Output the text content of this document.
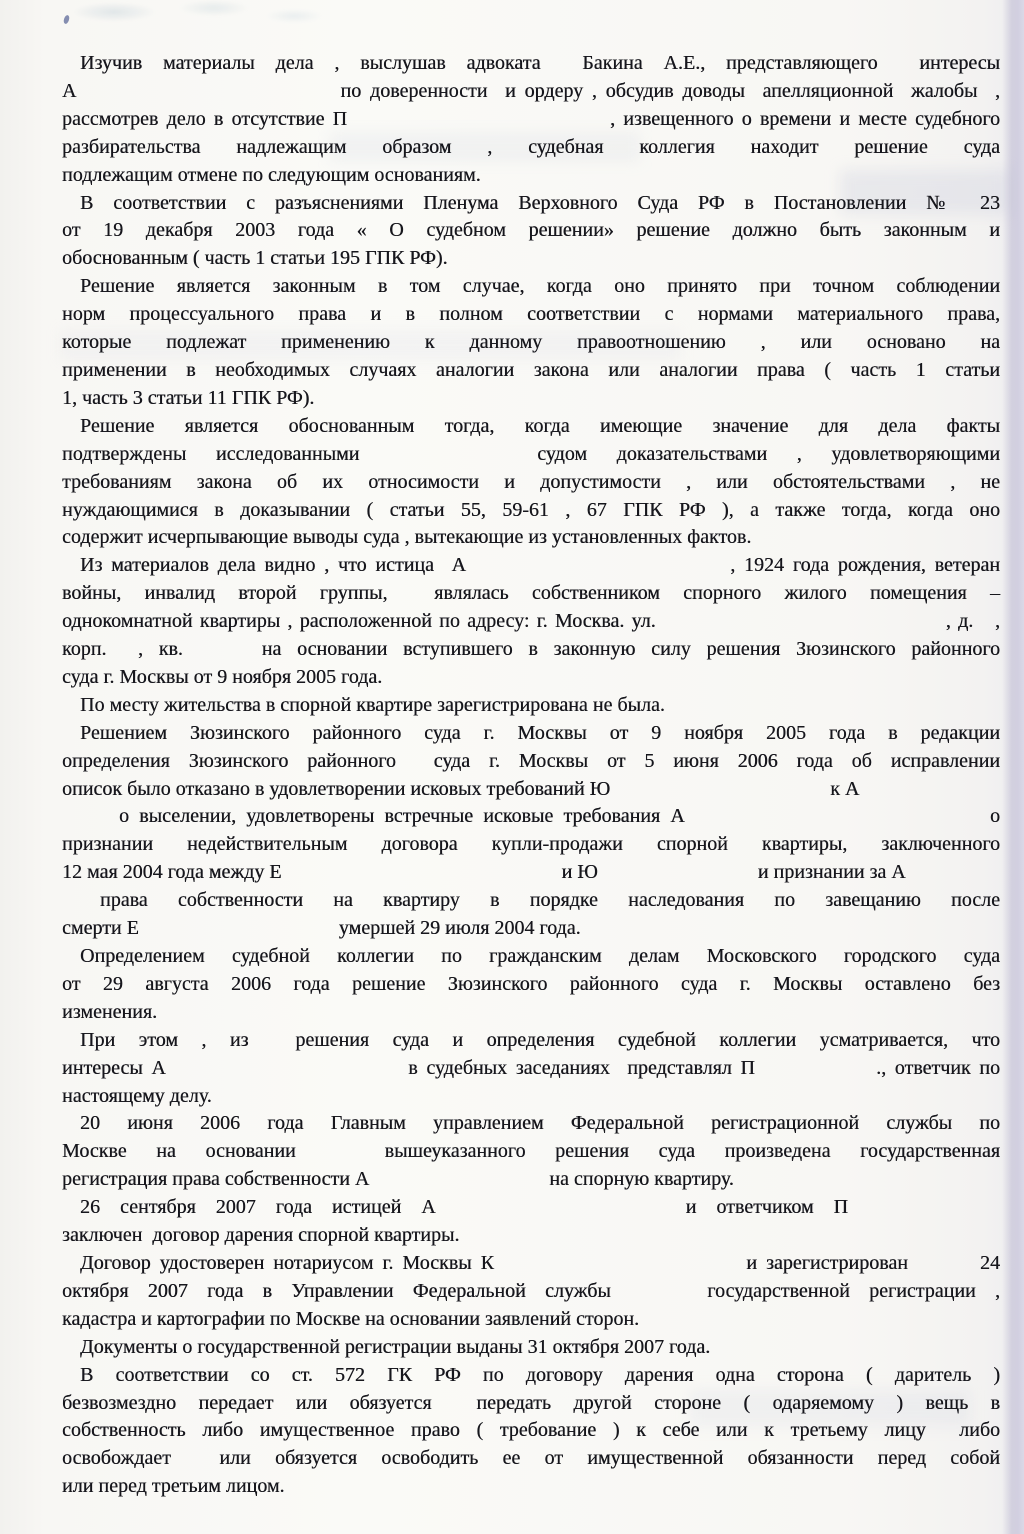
Изучив материалы дела , выслушав адвоката  Бакина А.Е., представляющего  интересы
А                              по доверенности  и ордеру , обсудив доводы  апелляционной  жалобы  ,
рассмотрев дело в отсутствие П                                , извещенного о времени и месте судебного
разбирательства надлежащим образом , судебная коллегия находит решение суда
подлежащим отмене по следующим основаниям.
В соответствии с разъяснениями Пленума Верховного Суда РФ в Постановлении № 23
от 19 декабря 2003 года « О судебном решении» решение должно быть законным и
обоснованным ( часть 1 статьи 195 ГПК РФ).
Решение является законным в том случае, когда оно принято при точном соблюдении
норм процессуального права и в полном соответствии с нормами материального права,
которые подлежат применению к данному правоотношению , или основано на
применении в необходимых случаях аналогии закона или аналогии права ( часть 1 статьи
1, часть 3 статьи 11 ГПК РФ).
Решение является обоснованным тогда, когда имеющие значение для дела факты
подтверждены исследованными      судом доказательствами , удовлетворяющими
требованиям закона об их относимости и допустимости , или обстоятельствами , не
нуждающимися в доказывании ( статьи 55, 59-61 , 67 ГПК РФ ), а также тогда, когда оно
содержит исчерпывающие выводы суда , вытекающие из установленных фактов.
Из материалов дела видно , что истица  А                              , 1924 года рождения, ветеран
войны, инвалид второй группы,  являлась собственником спорного жилого помещения –
однокомнатной квартиры , расположенной по адресу: г. Москва. ул.                                        , д.   ,
корп.  , кв.     на основании вступившего в законную силу решения Зюзинского районного
суда г. Москвы от 9 ноября 2005 года.
По месту жительства в спорной квартире зарегистрирована не была.
Решением Зюзинского районного суда г. Москвы от 9 ноября 2005 года в редакции
определения Зюзинского районного  суда г. Москвы от 5 июня 2006 года об исправлении
описок было отказано в удовлетворении исковых требований Ю                                            к А
о выселении, удовлетворены встречные исковые требования А                              о
признании недействительным договора купли-продажи спорной квартиры, заключенного
12 мая 2004 года между Е                                                        и Ю                                и признании за А
права собственности на квартиру в порядке наследования по завещанию после
смерти Е                                        умершей 29 июля 2004 года.
Определением судебной коллегии по гражданским делам Московского городского суда
от 29 августа 2006 года решение Зюзинского районного суда г. Москвы оставлено без
изменения.
При этом , из  решения суда и определения судебной коллегии усматривается, что
интересы А                            в судебных заседаниях  представлял П              ., ответчик по
настоящему делу.
20 июня 2006 года Главным управлением Федеральной регистрационной службы по
Москве на основании   вышеуказанного решения суда произведена государственная
регистрация права собственности А                                    на спорную квартиру.
26    сентября    2007    года    истицей    А                                                  и    ответчиком    П
заключен  договор дарения спорной квартиры.
Договор удостоверен нотариусом г. Москвы К                            и зарегистрирован        24
октября 2007 года в Управлении Федеральной службы     государственной регистрации ,
кадастра и картографии по Москве на основании заявлений сторон.
Документы о государственной регистрации выданы 31 октября 2007 года.
В соответствии со ст. 572 ГК РФ по договору дарения одна сторона ( даритель )
безвозмездно передает или обязуется  передать другой стороне ( одаряемому ) вещь в
собственность либо имущественное право ( требование ) к себе или к третьему лицу  либо
освобождает  или обязуется освободить ее от имущественной обязанности перед собой
или перед третьим лицом.
